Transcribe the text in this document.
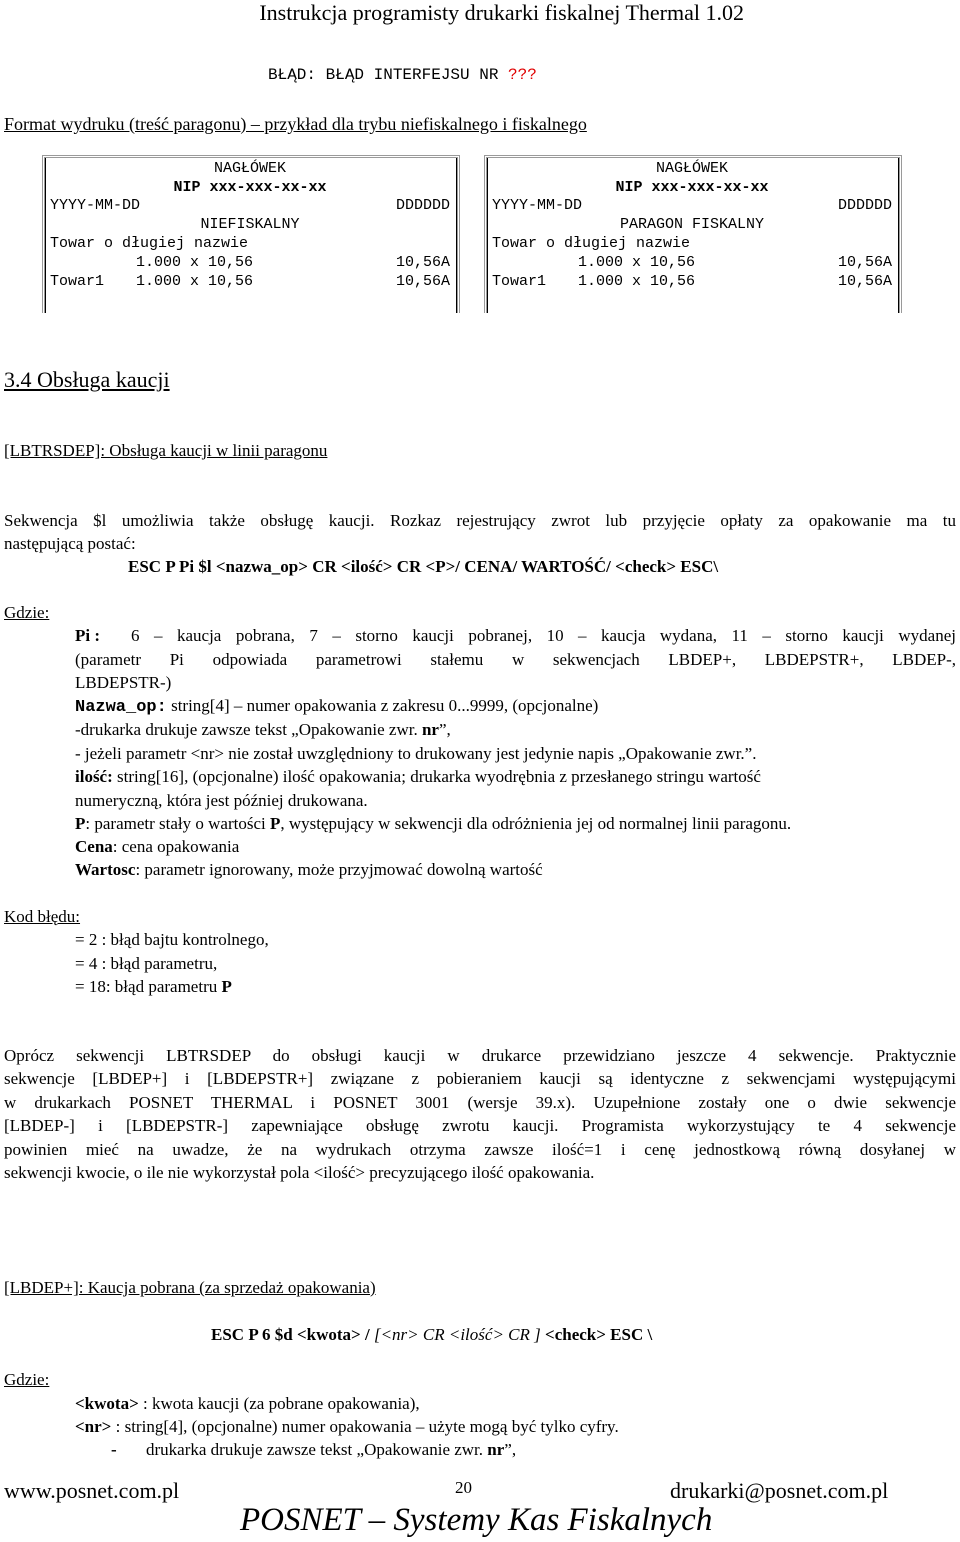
Instrukcja programisty drukarki fiskalnej Thermal 1.02
BŁĄD: BŁĄD INTERFEJSU NR ???
Format wydruku (treść paragonu) – przykład dla trybu niefiskalnego i fiskalnego
NAGŁÓWEK
NIP xxx-xxx-xx-xx
YYYY-MM-DD	DDDDDD
NIEFISKALNY
Towar o długiej nazwie
1.000 x 10,56	10,56A
Towar1 1.000 x 10,56	10,56A
NAGŁÓWEK
NIP xxx-xxx-xx-xx
YYYY-MM-DD	DDDDDD
PARAGON FISKALNY
Towar o długiej nazwie
1.000 x 10,56	10,56A
Towar1 1.000 x 10,56	10,56A
3.4 Obsługa kaucji
[LBTRSDEP]: Obsługa kaucji w linii paragonu
Sekwencja $l umożliwia także obsługę kaucji. Rozkaz rejestrujący zwrot lub przyjęcie opłaty za opakowanie ma tu
następującą postać:
ESC P Pi $l <nazwa_op> CR <ilość> CR <P>/ CENA/ WARTOŚĆ/ <check> ESC\
Gdzie:
Pi : 6 – kaucja pobrana, 7 – storno kaucji pobranej, 10 – kaucja wydana, 11 – storno kaucji wydanej
(parametr Pi odpowiada parametrowi stałemu w sekwencjach LBDEP+, LBDEPSTR+, LBDEP-,
LBDEPSTR-)
Nazwa_op: string[4] – numer opakowania z zakresu 0...9999, (opcjonalne)
-drukarka drukuje zawsze tekst „Opakowanie zwr. nr”,
- jeżeli parametr <nr> nie został uwzględniony to drukowany jest jedynie napis „Opakowanie zwr.”.
ilość: string[16], (opcjonalne) ilość opakowania; drukarka wyodrębnia z przesłanego stringu wartość
numeryczną, która jest później drukowana.
P: parametr stały o wartości P, występujący w sekwencji dla odróżnienia jej od normalnej linii paragonu.
Cena: cena opakowania
Wartosc: parametr ignorowany, może przyjmować dowolną wartość
Kod błędu:
= 2 : błąd bajtu kontrolnego,
= 4 : błąd parametru,
= 18: błąd parametru P
Oprócz sekwencji LBTRSDEP do obsługi kaucji w drukarce przewidziano jeszcze 4 sekwencje. Praktycznie
sekwencje [LBDEP+] i [LBDEPSTR+] związane z pobieraniem kaucji są identyczne z sekwencjami występującymi
w drukarkach POSNET THERMAL i POSNET 3001 (wersje 39.x). Uzupełnione zostały one o dwie sekwencje
[LBDEP-] i [LBDEPSTR-] zapewniające obsługę zwrotu kaucji. Programista wykorzystujący te 4 sekwencje
powinien mieć na uwadze, że na wydrukach otrzyma zawsze ilość=1 i cenę jednostkową równą dosyłanej w
sekwencji kwocie, o ile nie wykorzystał pola <ilość> precyzującego ilość opakowania.
[LBDEP+]: Kaucja pobrana (za sprzedaż opakowania)
ESC P 6 $d <kwota> / [<nr> CR <ilość> CR ] <check> ESC \
Gdzie:
<kwota> : kwota kaucji (za pobrane opakowania),
<nr> : string[4], (opcjonalne) numer opakowania – użyte mogą być tylko cyfry.
- drukarka drukuje zawsze tekst „Opakowanie zwr. nr”,
www.posnet.com.pl	20	drukarki@posnet.com.pl
POSNET – Systemy Kas Fiskalnych
